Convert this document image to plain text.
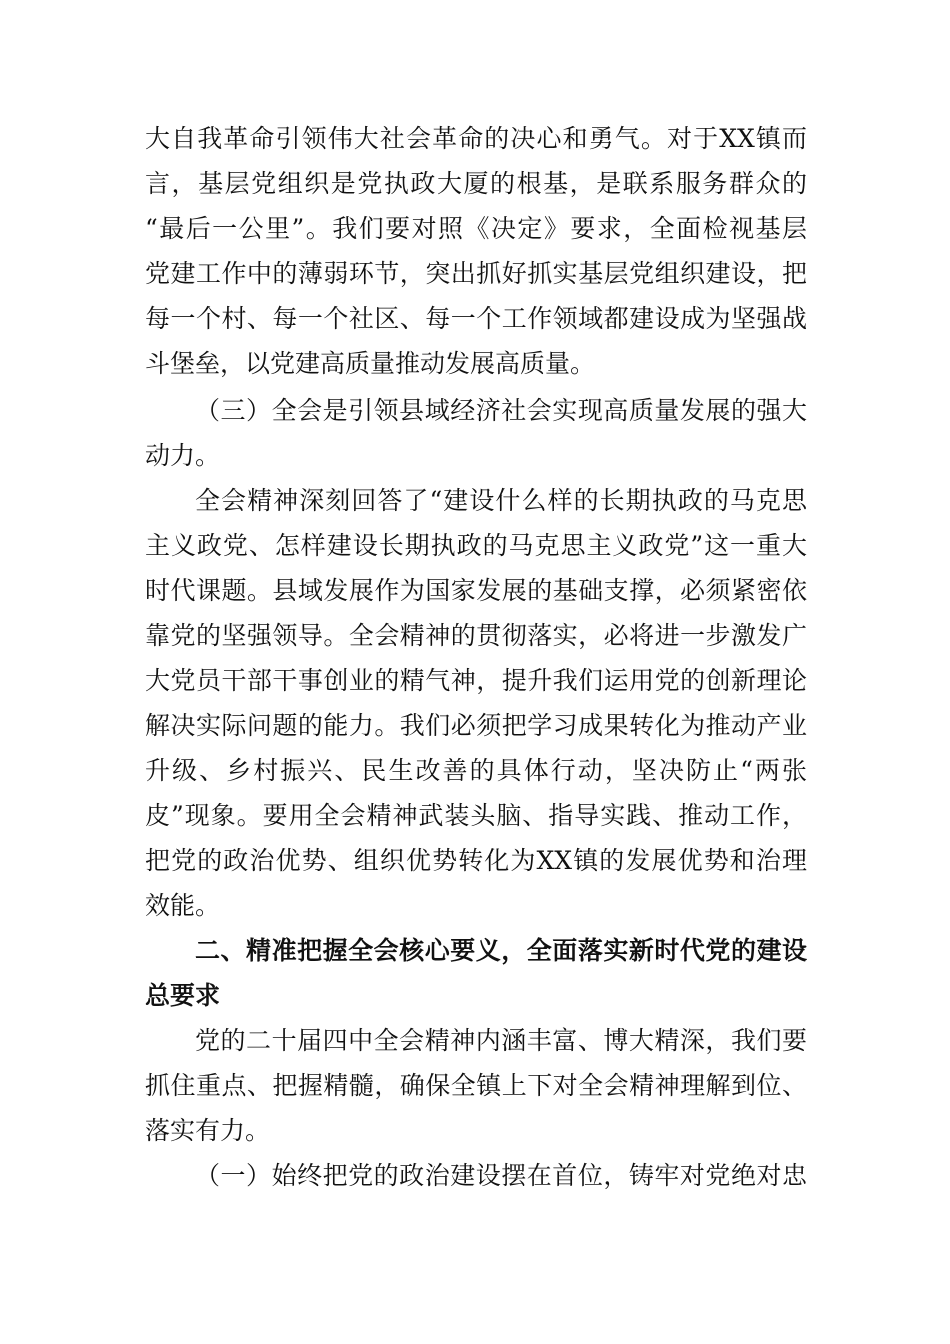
大自我革命引领伟大社会革命的决心和勇气。对于XX镇而
言，基层党组织是党执政大厦的根基，是联系服务群众的
“最后一公里”。我们要对照《决定》要求，全面检视基层
党建工作中的薄弱环节，突出抓好抓实基层党组织建设，把
每一个村、每一个社区、每一个工作领域都建设成为坚强战
斗堡垒，以党建高质量推动发展高质量。
（三）全会是引领县域经济社会实现高质量发展的强大
动力。
全会精神深刻回答了“建设什么样的长期执政的马克思
主义政党、怎样建设长期执政的马克思主义政党”这一重大
时代课题。县域发展作为国家发展的基础支撑，必须紧密依
靠党的坚强领导。全会精神的贯彻落实，必将进一步激发广
大党员干部干事创业的精气神，提升我们运用党的创新理论
解决实际问题的能力。我们必须把学习成果转化为推动产业
升级、乡村振兴、民生改善的具体行动，坚决防止“两张
皮”现象。要用全会精神武装头脑、指导实践、推动工作，
把党的政治优势、组织优势转化为XX镇的发展优势和治理
效能。
二、精准把握全会核心要义，全面落实新时代党的建设
总要求
党的二十届四中全会精神内涵丰富、博大精深，我们要
抓住重点、把握精髓，确保全镇上下对全会精神理解到位、
落实有力。
（一）始终把党的政治建设摆在首位，铸牢对党绝对忠
